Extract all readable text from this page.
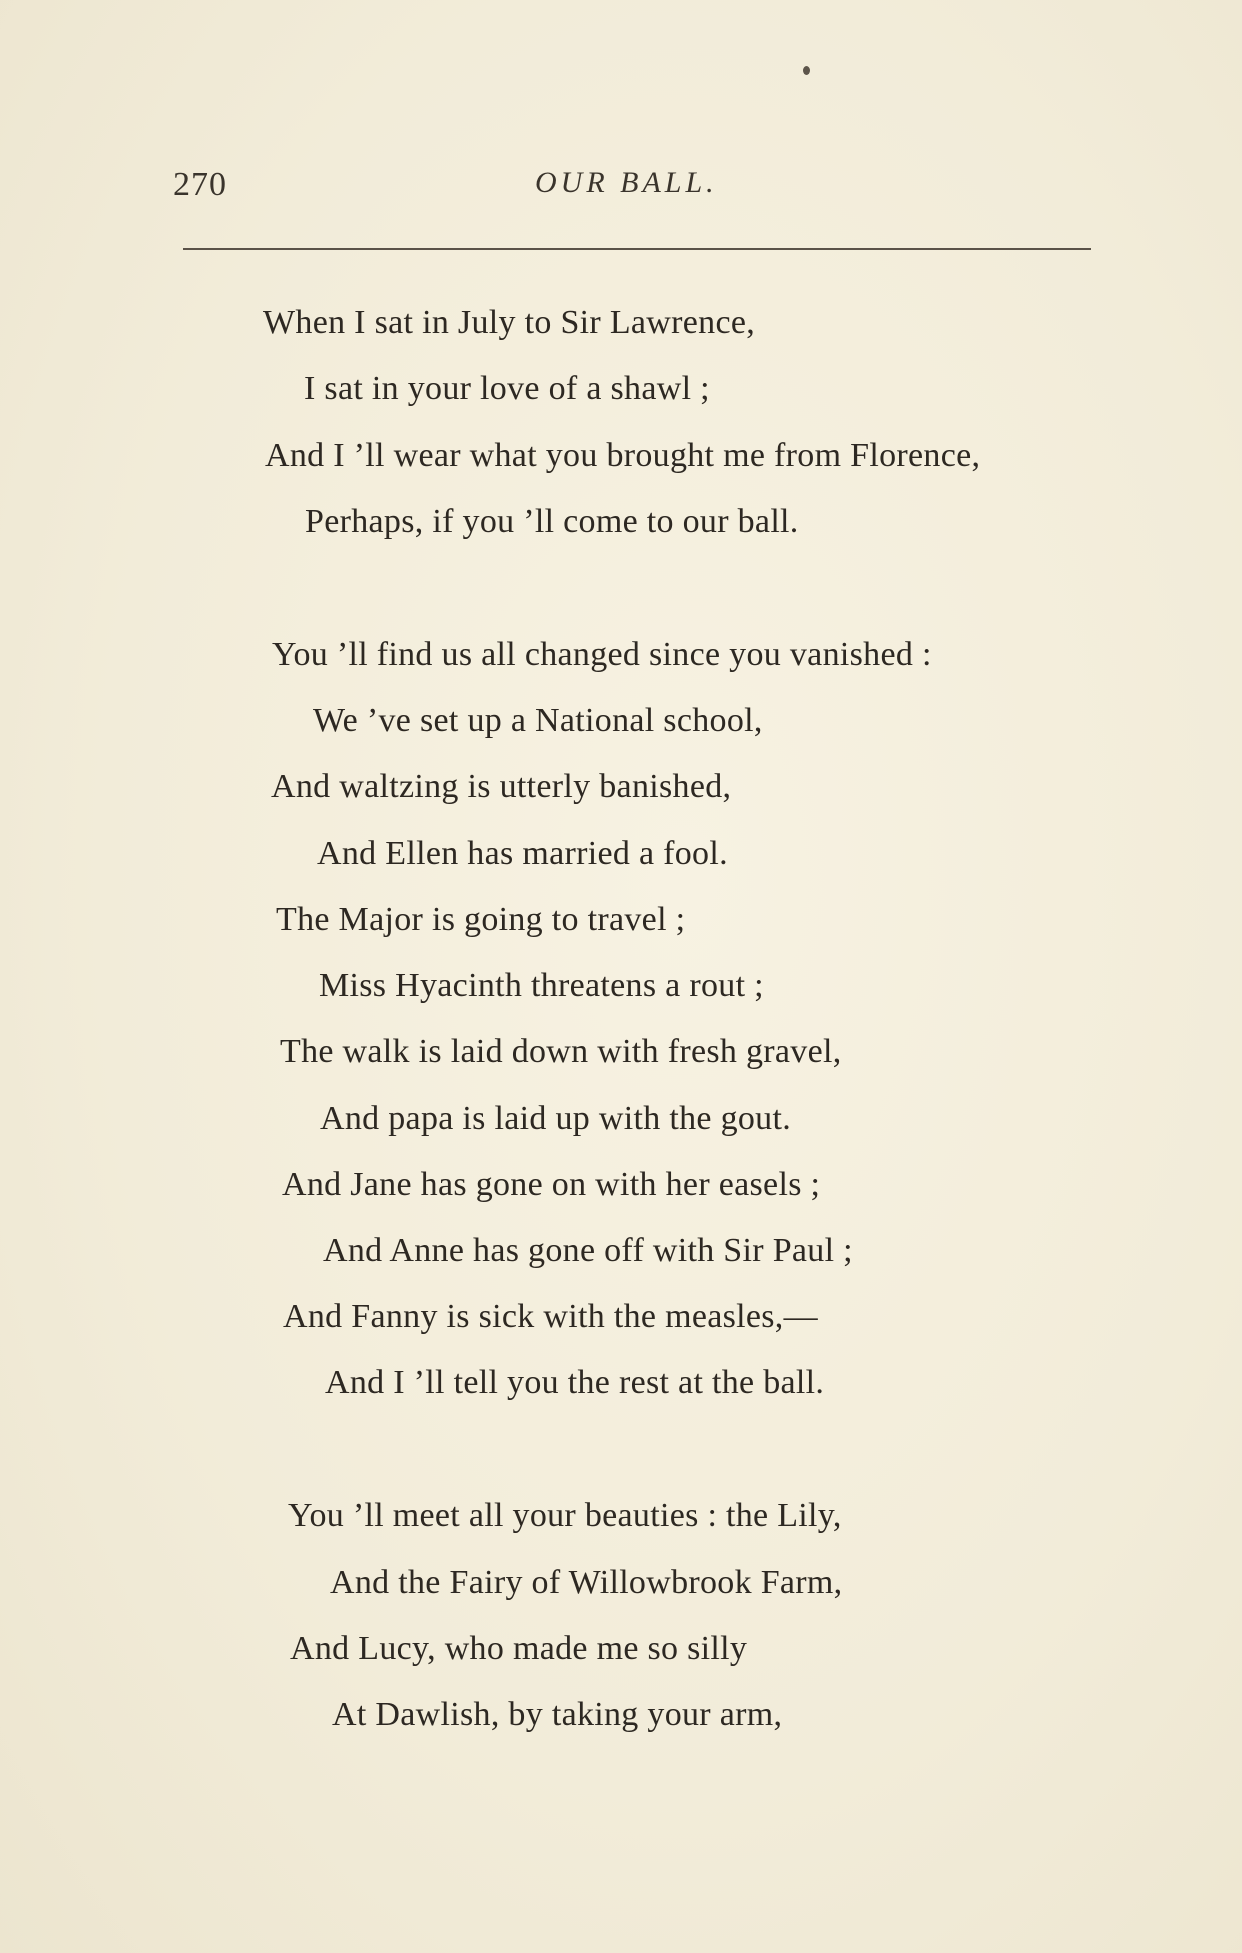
270	OUR BALL.
When I sat in July to Sir Lawrence,
I sat in your love of a shawl ;
And I ’ll wear what you brought me from Florence,
Perhaps, if you ’ll come to our ball.
You ’ll find us all changed since you vanished :
We ’ve set up a National school,
And waltzing is utterly banished,
And Ellen has married a fool.
The Major is going to travel ;
Miss Hyacinth threatens a rout ;
The walk is laid down with fresh gravel,
And papa is laid up with the gout.
And Jane has gone on with her easels ;
And Anne has gone off with Sir Paul ;
And Fanny is sick with the measles,—
And I ’ll tell you the rest at the ball.
You ’ll meet all your beauties : the Lily,
And the Fairy of Willowbrook Farm,
And Lucy, who made me so silly
At Dawlish, by taking your arm,
